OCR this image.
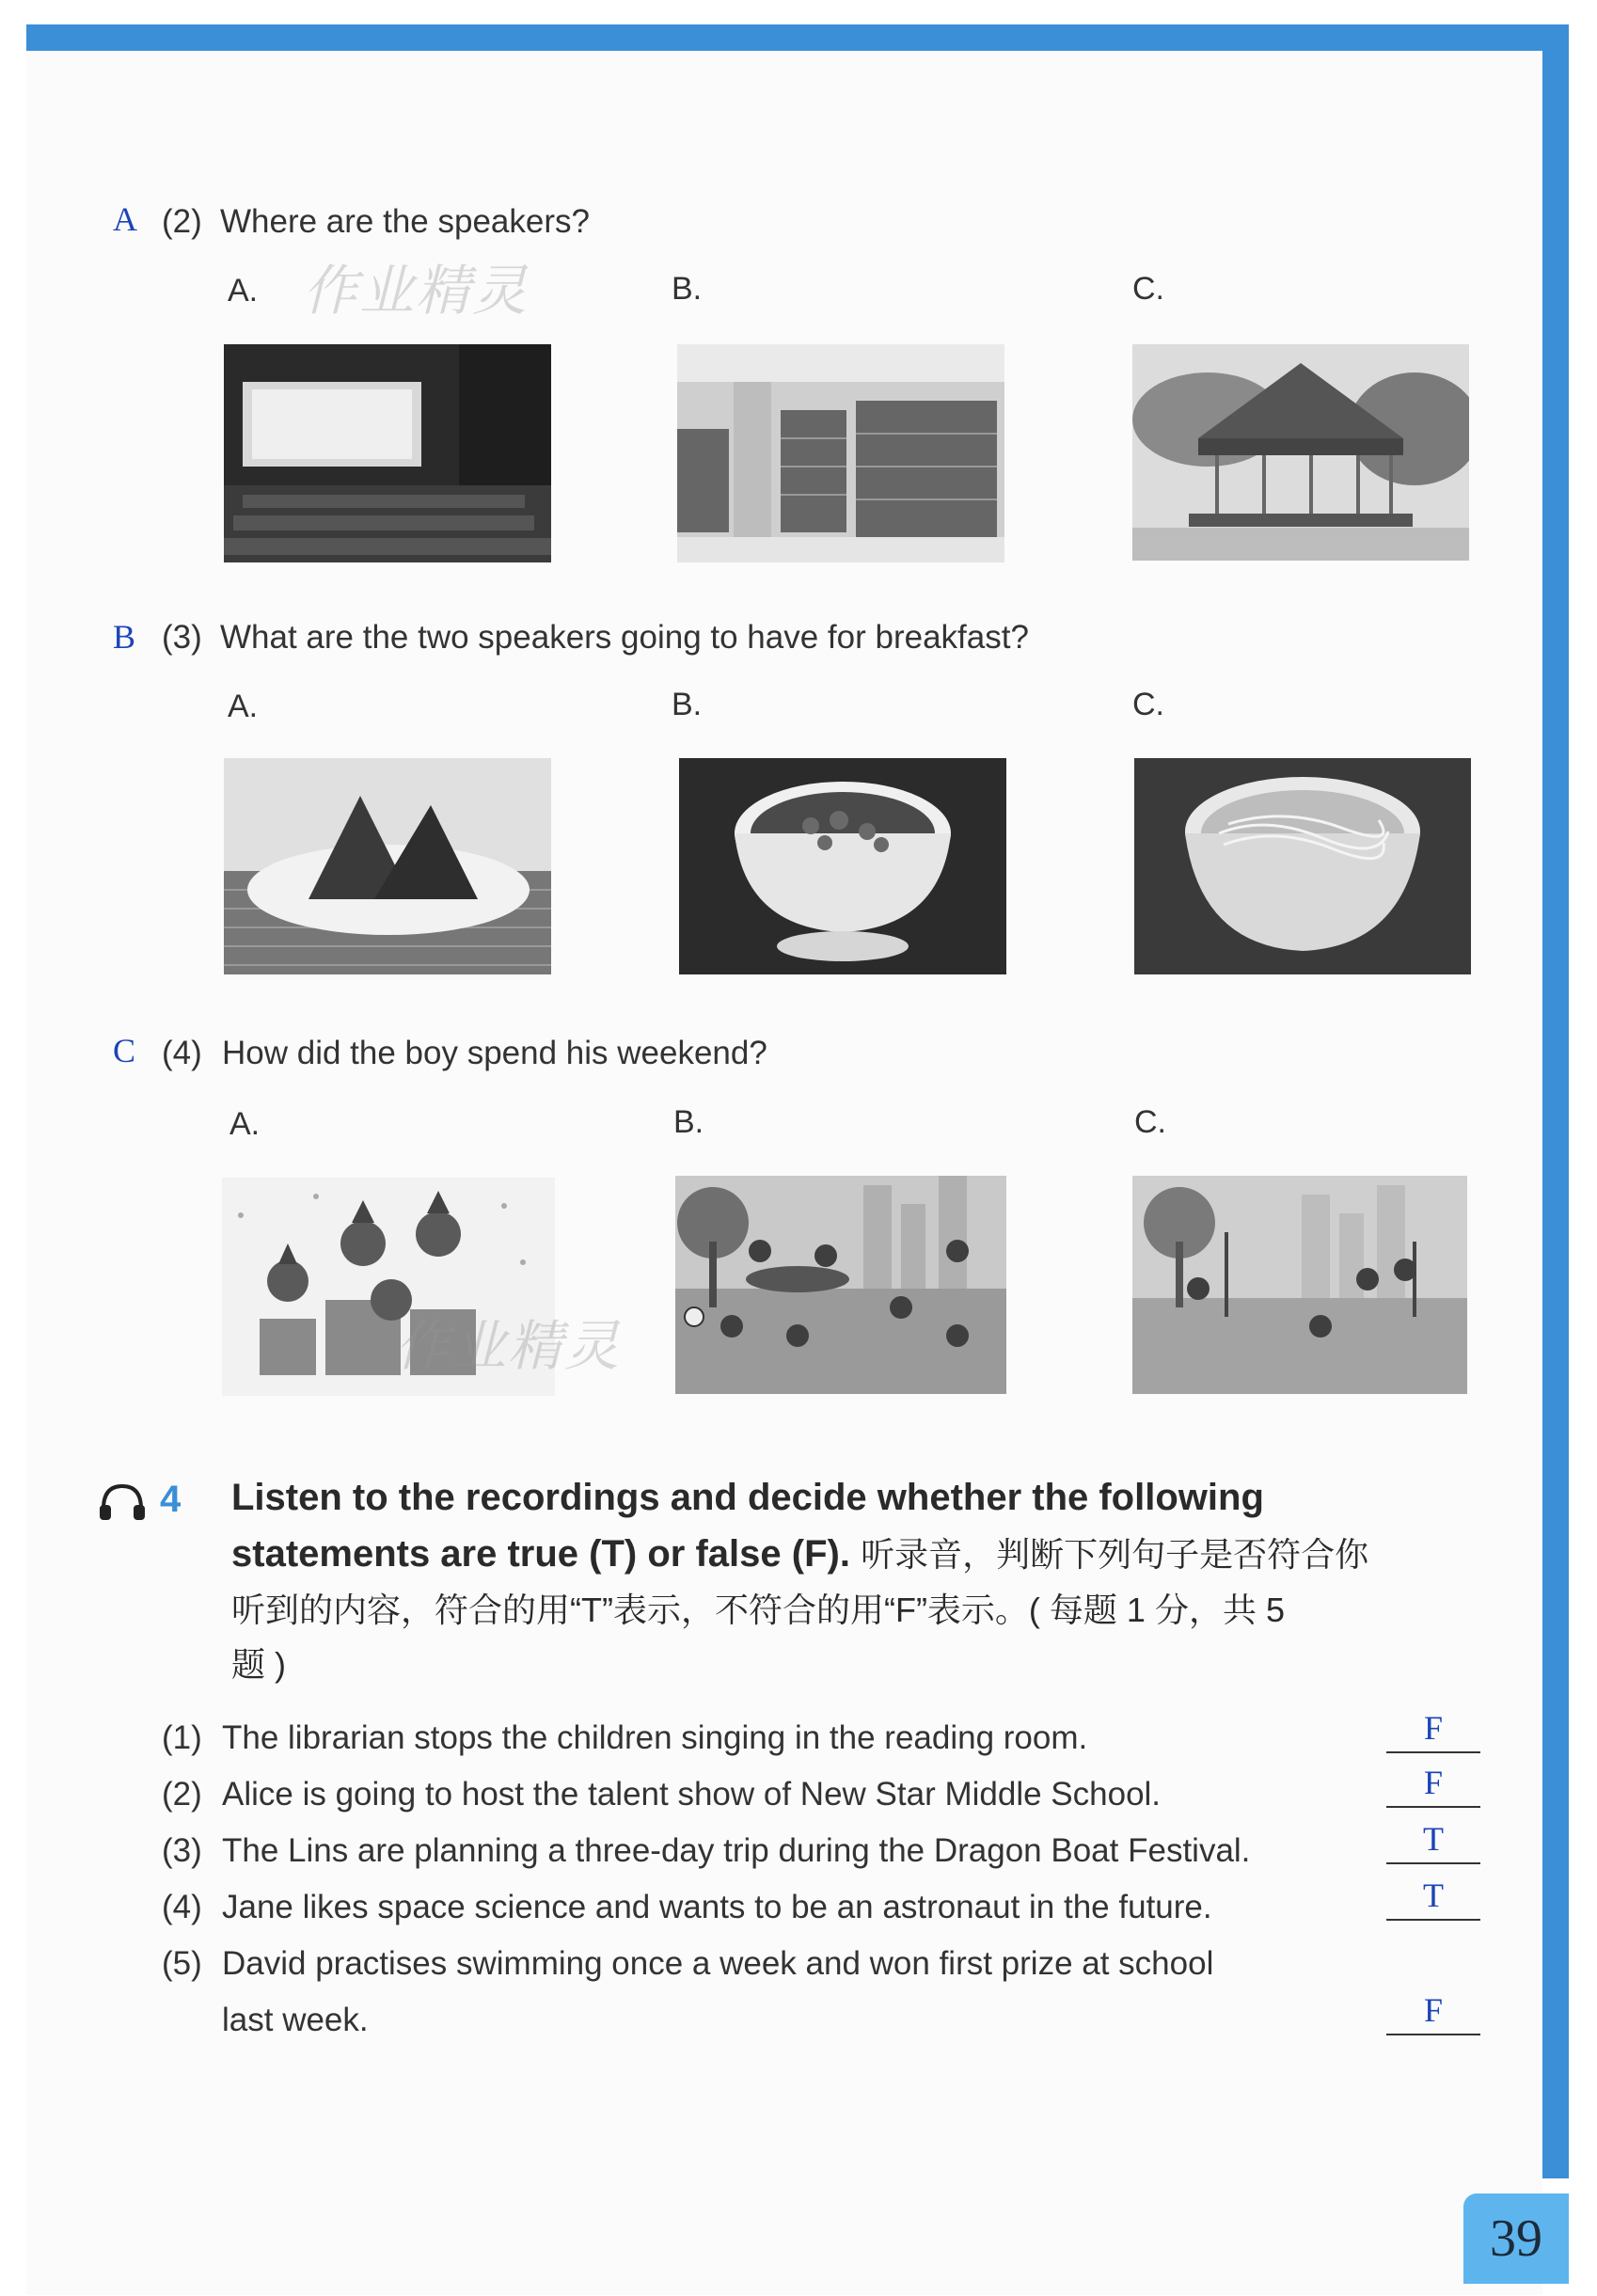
A (2) Where are the speakers?
A.	B.	C.
作业精灵
B (3) What are the two speakers going to have for breakfast?
A.	B.	C.
C (4) How did the boy spend his weekend?
A.	B.	C.
作业精灵
4 Listen to the recordings and decide whether the following statements are true (T) or false (F). 听录音，判断下列句子是否符合你
听到的内容，符合的用“T”表示，不符合的用“F”表示。( 每题 1 分，共 5
题 )
(1) The librarian stops the children singing in the reading room.	F
(2) Alice is going to host the talent show of New Star Middle School.	F
(3) The Lins are planning a three-day trip during the Dragon Boat Festival.	T
(4) Jane likes space science and wants to be an astronaut in the future.	T
(5) David practises swimming once a week and won first prize at school
last week.	F
39
